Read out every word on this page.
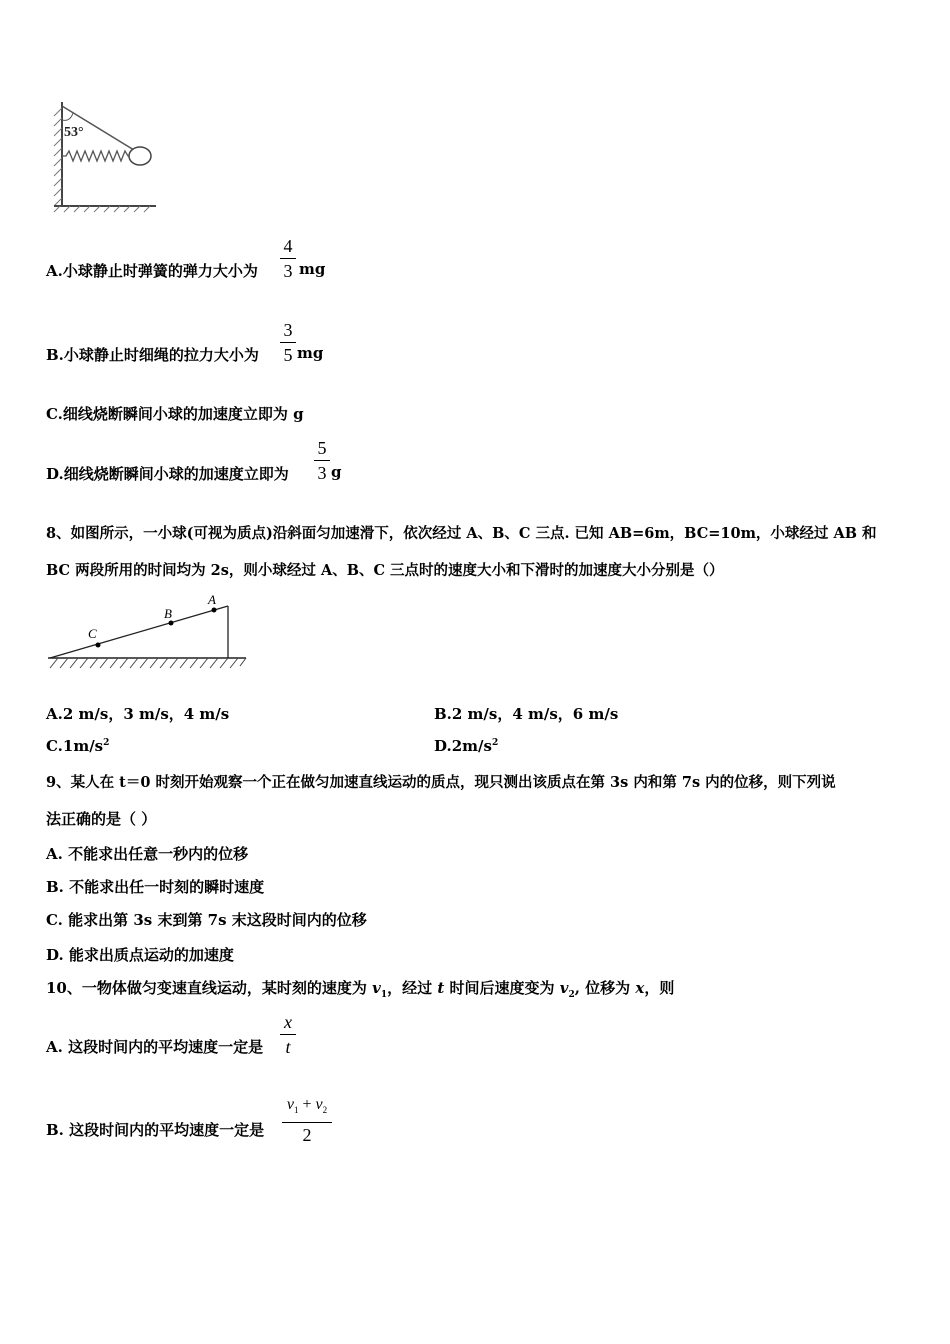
53°
A.小球静止时弹簧的弹力大小为
4
3 mg
B.小球静止时细绳的拉力大小为
3
5 mg
C.细线烧断瞬间小球的加速度立即为 g
D.细线烧断瞬间小球的加速度立即为
5
3 g
8、如图所示，一小球(可视为质点)沿斜面匀加速滑下，依次经过 A、B、C 三点. 已知 AB=6m，BC=10m，小球经过 AB 和
BC 两段所用的时间均为 2s，则小球经过 A、B、C 三点时的速度大小和下滑时的加速度大小分别是（）
A
B
C
A.2 m/s，3 m/s，4 m/s	B.2 m/s，4 m/s，6 m/s
$C.1m/s^2$	$D.2m/s^2$
9、某人在 t＝0 时刻开始观察一个正在做匀加速直线运动的质点，现只测出该质点在第 3s 内和第 7s 内的位移，则下列说
法正确的是（ ）
A. 不能求出任意一秒内的位移
B. 不能求出任一时刻的瞬时速度
C. 能求出第 3s 末到第 7s 末这段时间内的位移
D. 能求出质点运动的加速度
10、一物体做匀变速直线运动，某时刻的速度为 $v_1$，经过 t 时间后速度变为 $v_2$, 位移为 x，则
A. 这段时间内的平均速度一定是
x
t
B. 这段时间内的平均速度一定是
$v_1 + v_2$
2
